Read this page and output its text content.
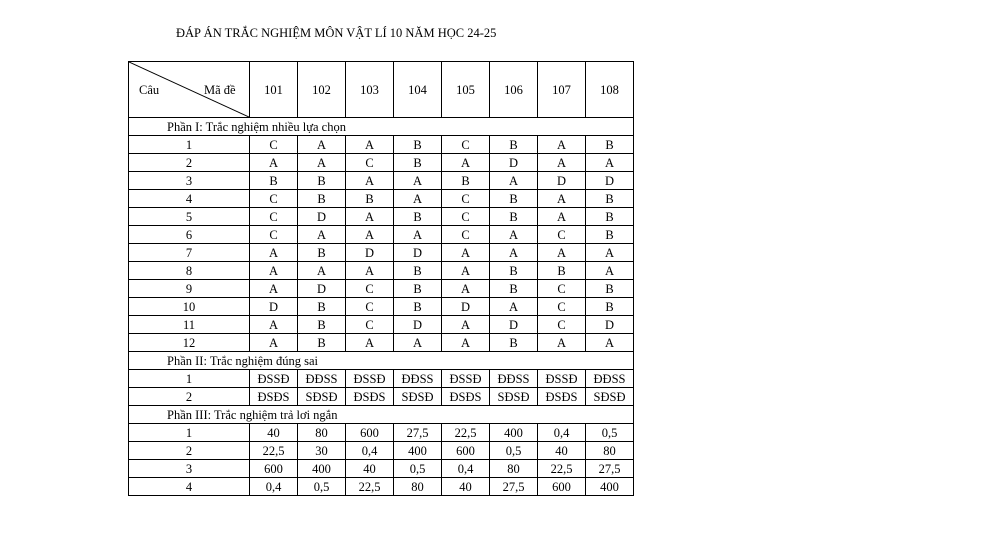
ĐÁP ÁN TRẮC NGHIỆM MÔN VẬT LÍ 10 NĂM HỌC 24-25
Câu Mã đề	101	102	103	104	105	106	107	108
Phần I: Trắc nghiệm nhiều lựa chọn								
1	C	A	A	B	C	B	A	B
2	A	A	C	B	A	D	A	A
3	B	B	A	A	B	A	D	D
4	C	B	B	A	C	B	A	B
5	C	D	A	B	C	B	A	B
6	C	A	A	A	C	A	C	B
7	A	B	D	D	A	A	A	A
8	A	A	A	B	A	B	B	A
9	A	D	C	B	A	B	C	B
10	D	B	C	B	D	A	C	B
11	A	B	C	D	A	D	C	D
12	A	B	A	A	A	B	A	A
Phần II: Trắc nghiệm đúng sai								
1	ĐSSĐ	ĐĐSS	ĐSSĐ	ĐĐSS	ĐSSĐ	ĐĐSS	ĐSSĐ	ĐĐSS
2	ĐSĐS	SĐSĐ	ĐSĐS	SĐSĐ	ĐSĐS	SĐSĐ	ĐSĐS	SĐSĐ
Phần III: Trắc nghiệm trả lơi ngắn								
1	40	80	600	27,5	22,5	400	0,4	0,5
2	22,5	30	0,4	400	600	0,5	40	80
3	600	400	40	0,5	0,4	80	22,5	27,5
4	0,4	0,5	22,5	80	40	27,5	600	400
